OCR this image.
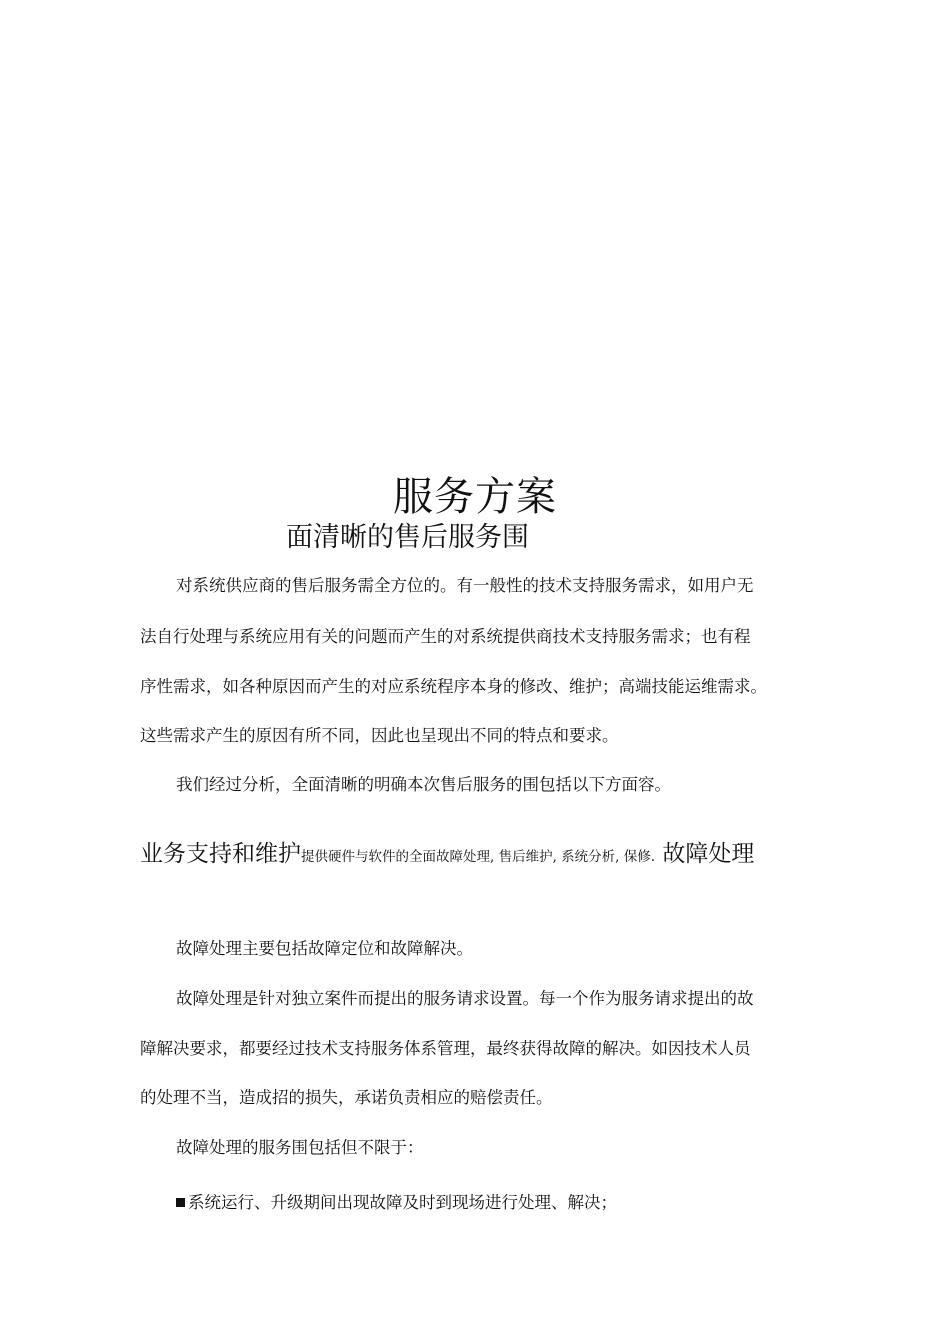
服务方案
面清晰的售后服务围
对系统供应商的售后服务需全方位的。有一般性的技术支持服务需求，如用户无
法自行处理与系统应用有关的问题而产生的对系统提供商技术支持服务需求；也有程
序性需求，如各种原因而产生的对应系统程序本身的修改、维护；高端技能运维需求。
这些需求产生的原因有所不同，因此也呈现出不同的特点和要求。
我们经过分析，全面清晰的明确本次售后服务的围包括以下方面容。
业务支持和维护提供硬件与软件的全面故障处理, 售后维护, 系统分析, 保修. 故障处理
故障处理主要包括故障定位和故障解决。
故障处理是针对独立案件而提出的服务请求设置。每一个作为服务请求提出的故
障解决要求，都要经过技术支持服务体系管理，最终获得故障的解决。如因技术人员
的处理不当，造成招的损失，承诺负责相应的赔偿责任。
故障处理的服务围包括但不限于：
系统运行、升级期间出现故障及时到现场进行处理、解决；
